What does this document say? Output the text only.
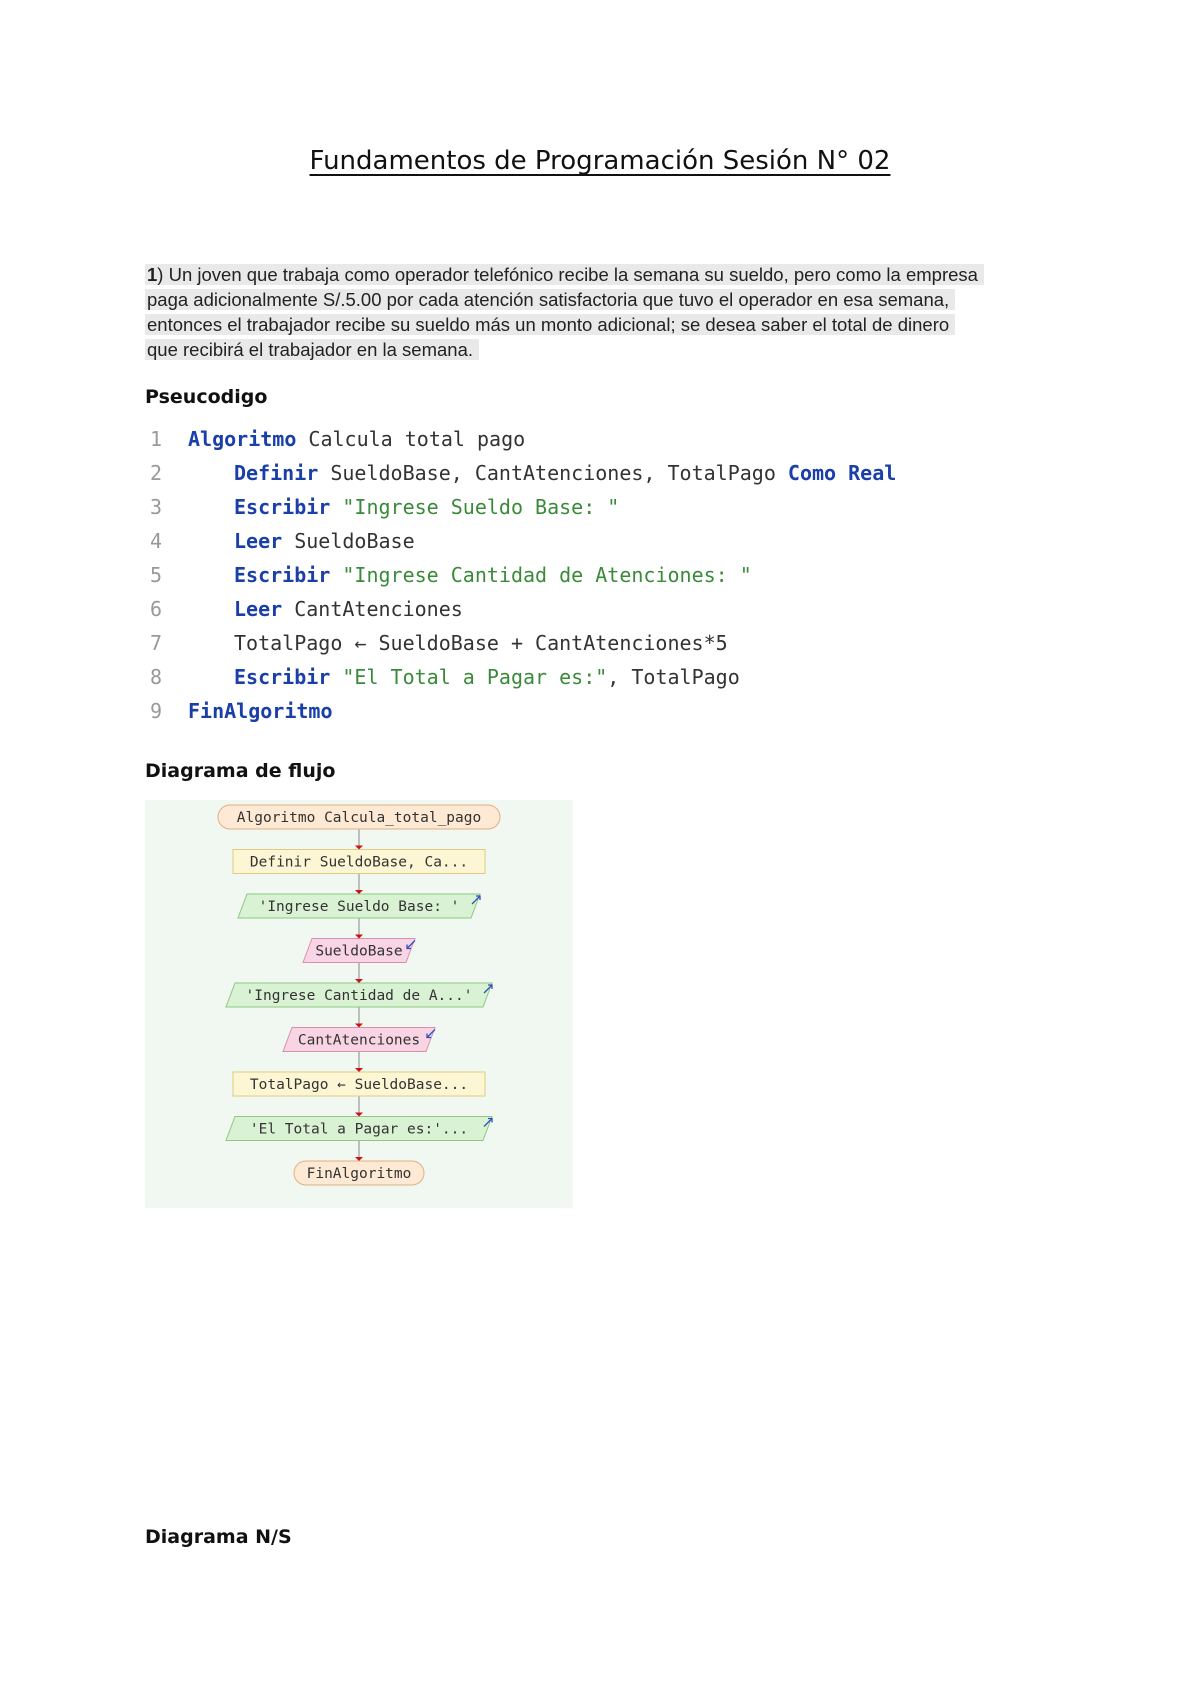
Fundamentos de Programación Sesión N° 02
1) Un joven que trabaja como operador telefónico recibe la semana su sueldo, pero como la empresa
paga adicionalmente S/.5.00 por cada atención satisfactoria que tuvo el operador en esa semana,
entonces el trabajador recibe su sueldo más un monto adicional; se desea saber el total de dinero
que recibirá el trabajador en la semana.
Pseucodigo
1 Algoritmo Calcula total pago
2	Definir SueldoBase, CantAtenciones, TotalPago Como Real
3	Escribir "Ingrese Sueldo Base: "
4	Leer SueldoBase
5	Escribir "Ingrese Cantidad de Atenciones: "
6	Leer CantAtenciones
7	TotalPago ← SueldoBase + CantAtenciones*5
8	Escribir "El Total a Pagar es:", TotalPago
9 FinAlgoritmo
Diagrama de flujo
Algoritmo Calcula_total_pago
Definir SueldoBase, Ca...
'Ingrese Sueldo Base: '
SueldoBase
'Ingrese Cantidad de A...'
CantAtenciones
TotalPago ← SueldoBase...
'El Total a Pagar es:'...
FinAlgoritmo
Diagrama N/S
